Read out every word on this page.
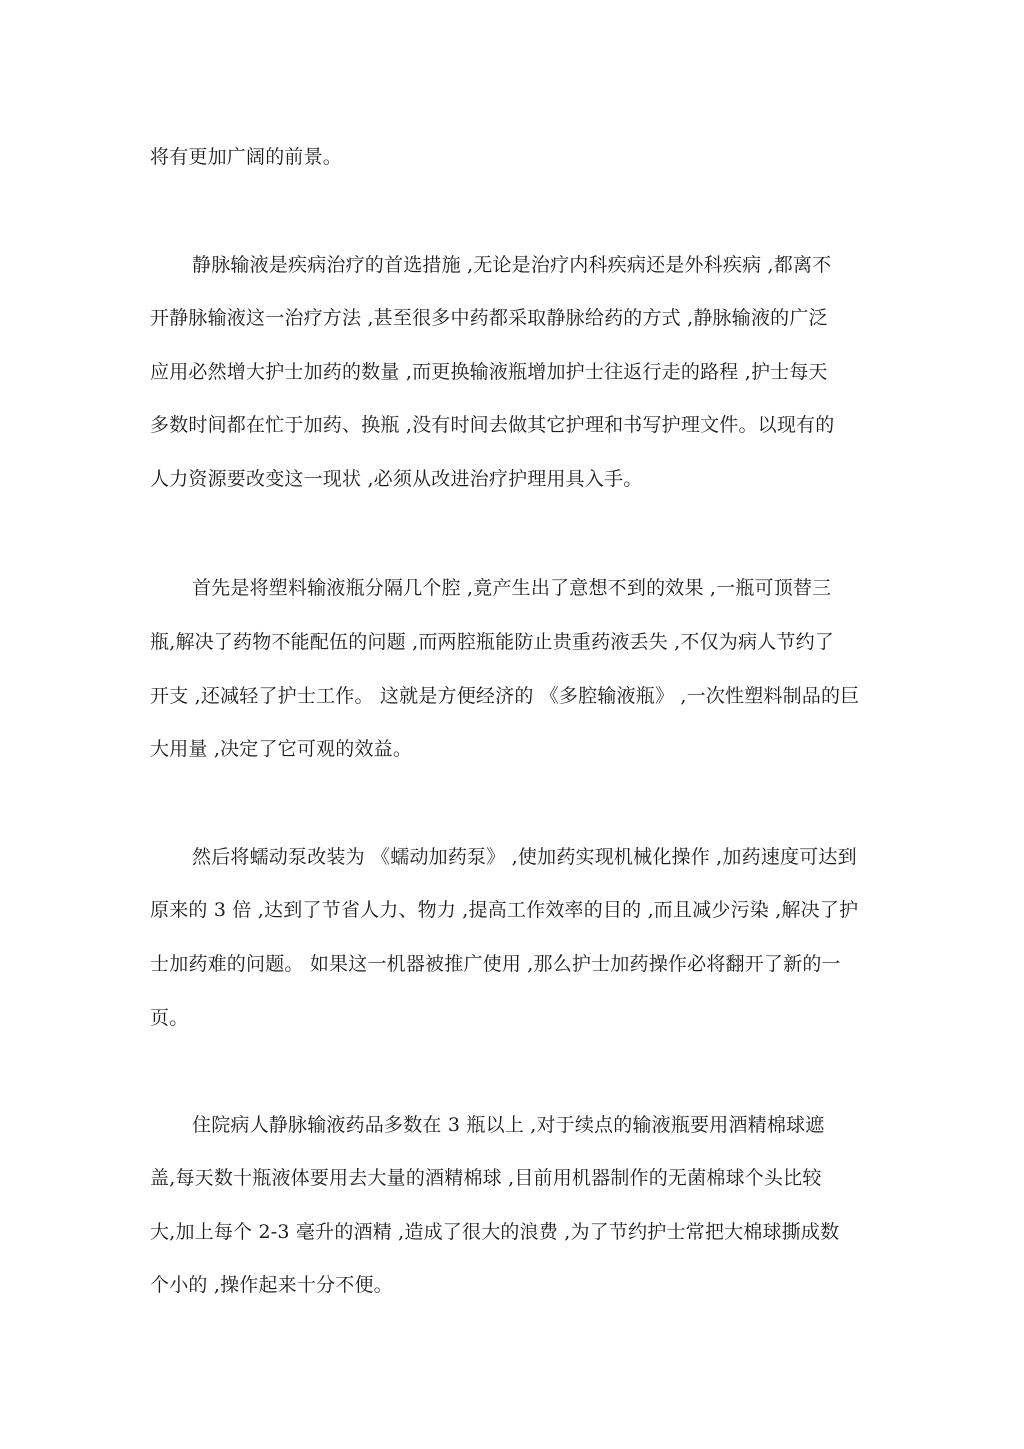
将有更加广阔的前景。
静脉输液是疾病治疗的首选措施 ,无论是治疗内科疾病还是外科疾病 ,都离不
开静脉输液这一治疗方法 ,甚至很多中药都采取静脉给药的方式 ,静脉输液的广泛
应用必然增大护士加药的数量 ,而更换输液瓶增加护士往返行走的路程 ,护士每天
多数时间都在忙于加药、换瓶 ,没有时间去做其它护理和书写护理文件。以现有的
人力资源要改变这一现状 ,必须从改进治疗护理用具入手。
首先是将塑料输液瓶分隔几个腔 ,竟产生出了意想不到的效果 ,一瓶可顶替三
瓶,解决了药物不能配伍的问题 ,而两腔瓶能防止贵重药液丢失 ,不仅为病人节约了
开支 ,还减轻了护士工作。 这就是方便经济的 《多腔输液瓶》 ,一次性塑料制品的巨
大用量 ,决定了它可观的效益。
然后将蠕动泵改装为 《蠕动加药泵》 ,使加药实现机械化操作 ,加药速度可达到
原来的 3 倍 ,达到了节省人力、物力 ,提高工作效率的目的 ,而且减少污染 ,解决了护
士加药难的问题。 如果这一机器被推广使用 ,那么护士加药操作必将翻开了新的一
页。
住院病人静脉输液药品多数在 3 瓶以上 ,对于续点的输液瓶要用酒精棉球遮
盖,每天数十瓶液体要用去大量的酒精棉球 ,目前用机器制作的无菌棉球个头比较
大,加上每个 2-3 毫升的酒精 ,造成了很大的浪费 ,为了节约护士常把大棉球撕成数
个小的 ,操作起来十分不便。
